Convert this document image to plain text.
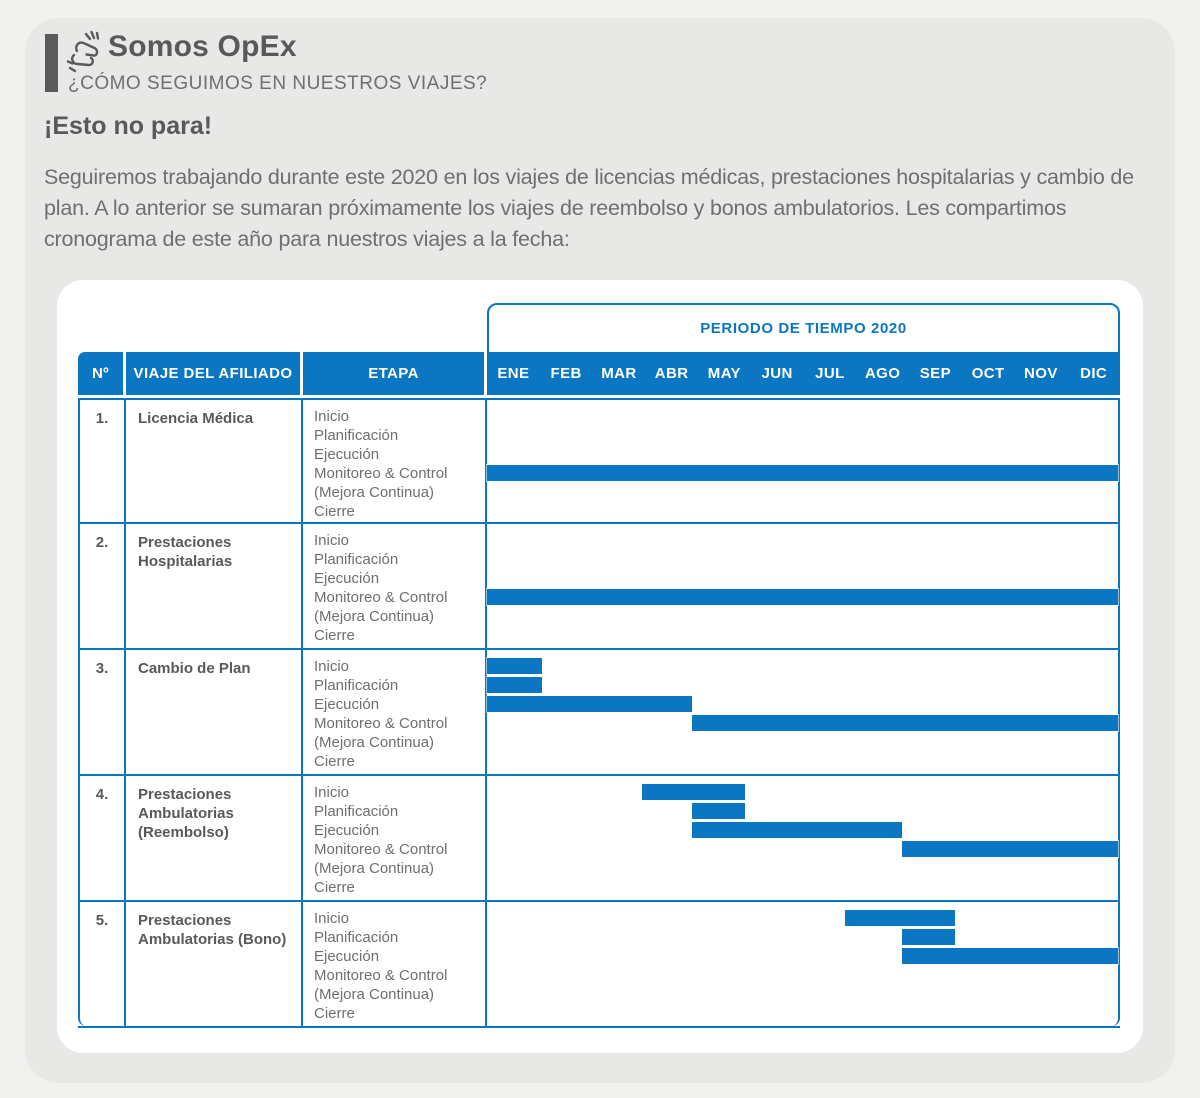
Somos OpEx
¿CÓMO SEGUIMOS EN NUESTROS VIAJES?
¡Esto no para!
Seguiremos trabajando durante este 2020 en los viajes de licencias médicas, prestaciones hospitalarias y cambio de plan. A lo anterior se sumaran próximamente los viajes de reembolso y bonos ambulatorios. Les compartimos cronograma de este año para nuestros viajes a la fecha:
PERIODO DE TIEMPO 2020
Nº	VIAJE DEL AFILIADO	ETAPA	ENE	FEB	MAR	ABR	MAY	JUN	JUL	AGO	SEP	OCT	NOV	DIC
1.	Licencia Médica	Inicio
Planificación
Ejecución
Monitoreo & Control
(Mejora Continua)
Cierre
2.	Prestaciones Hospitalarias
Inicio
Planificación
Ejecución
Monitoreo & Control
(Mejora Continua)
Cierre
3.	Cambio de Plan	Inicio
Planificación
Ejecución
Monitoreo & Control
(Mejora Continua)
Cierre
4.	Prestaciones Ambulatorias (Reembolso)
Inicio
Planificación
Ejecución
Monitoreo & Control
(Mejora Continua)
Cierre
5.	Prestaciones Ambulatorias (Bono)
Inicio
Planificación
Ejecución
Monitoreo & Control
(Mejora Continua)
Cierre
